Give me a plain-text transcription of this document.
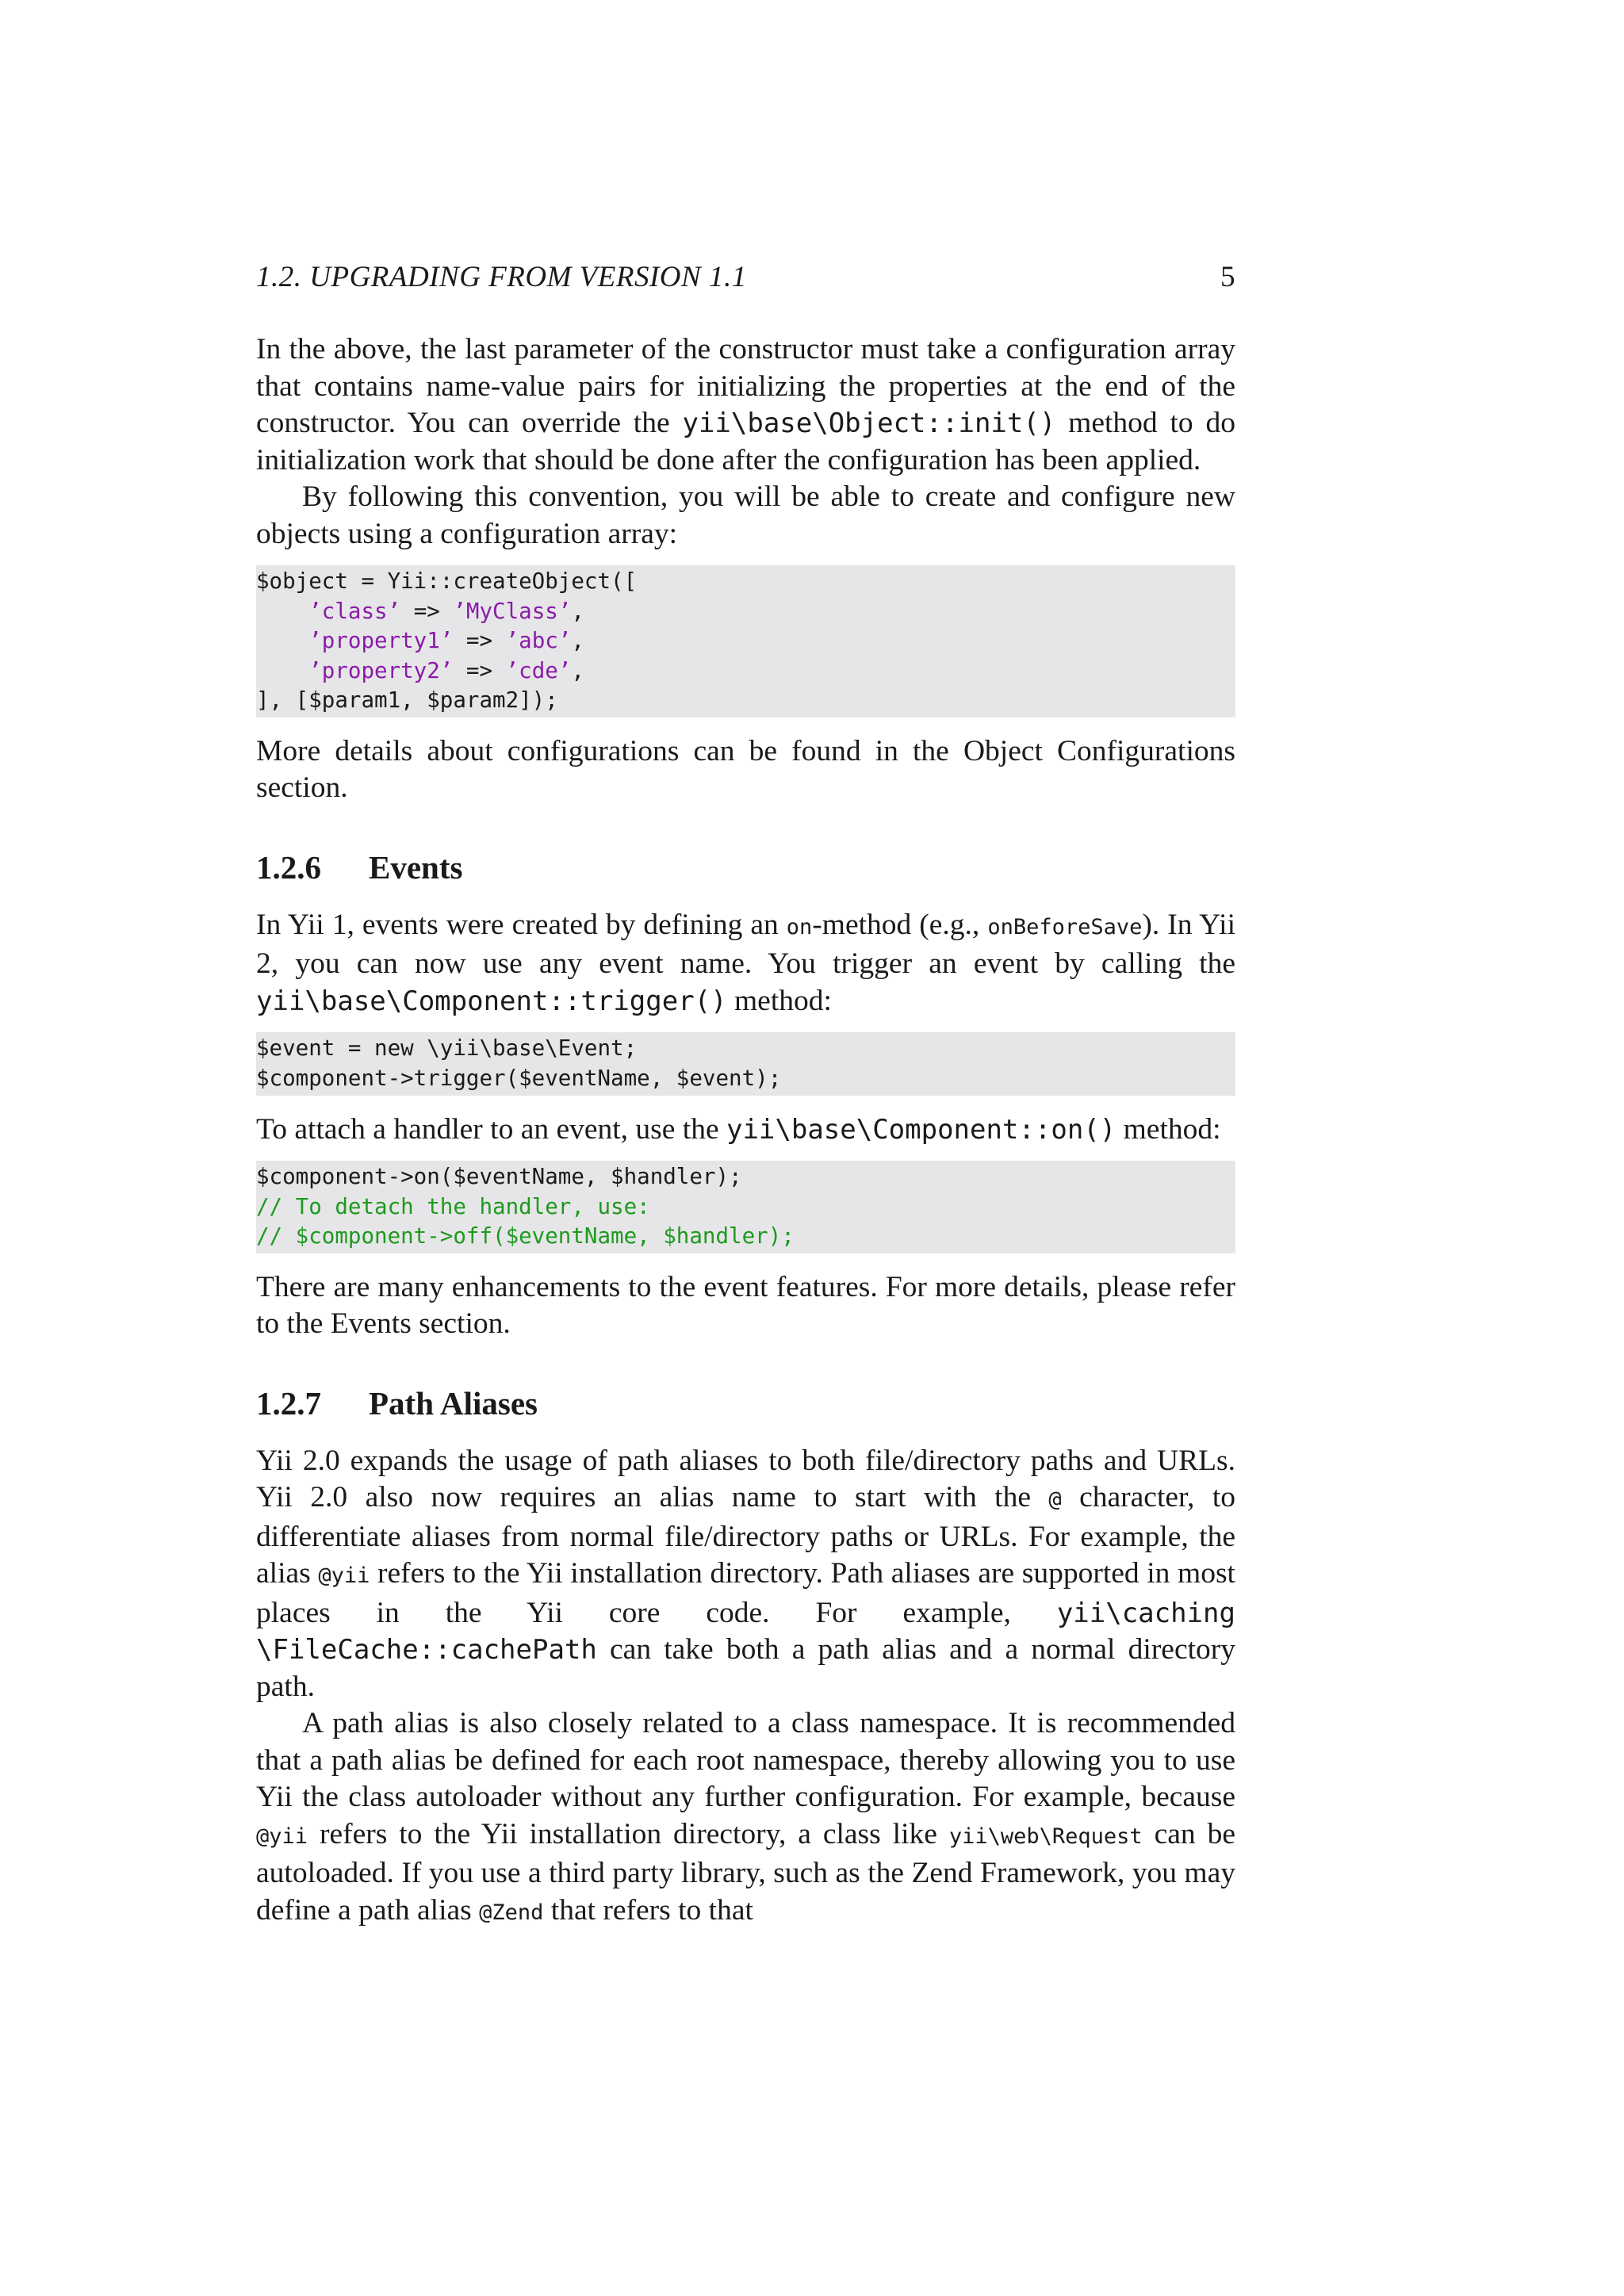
1.2. UPGRADING FROM VERSION 1.1	5

In the above, the last parameter of the constructor must take a configuration array that contains name-value pairs for initializing the properties at the end of the constructor. You can override the yii\base\Object::init() method to do initialization work that should be done after the configuration has been applied.

By following this convention, you will be able to create and configure new objects using a configuration array:

$object = Yii::createObject([
’class’ => ’MyClass’,
’property1’ => ’abc’,
’property2’ => ’cde’,
], [$param1, $param2]);

More details about configurations can be found in the Object Configurations section.

1.2.6 Events

In Yii 1, events were created by defining an on-method (e.g., onBeforeSave). In Yii 2, you can now use any event name. You trigger an event by calling the yii\base\Component::trigger() method:

$event = new \yii\base\Event;
$component->trigger($eventName, $event);

To attach a handler to an event, use the yii\base\Component::on() method:

$component->on($eventName, $handler);
// To detach the handler, use:
// $component->off($eventName, $handler);

There are many enhancements to the event features. For more details, please refer to the Events section.

1.2.7 Path Aliases

Yii 2.0 expands the usage of path aliases to both file/directory paths and URLs. Yii 2.0 also now requires an alias name to start with the @ character, to differentiate aliases from normal file/directory paths or URLs. For example, the alias @yii refers to the Yii installation directory. Path aliases are supported in most places in the Yii core code. For example, yii\caching \FileCache::cachePath can take both a path alias and a normal directory path.

A path alias is also closely related to a class namespace. It is recommended that a path alias be defined for each root namespace, thereby allowing you to use Yii the class autoloader without any further configuration. For example, because @yii refers to the Yii installation directory, a class like yii\web\Request can be autoloaded. If you use a third party library, such as the Zend Framework, you may define a path alias @Zend that refers to that
